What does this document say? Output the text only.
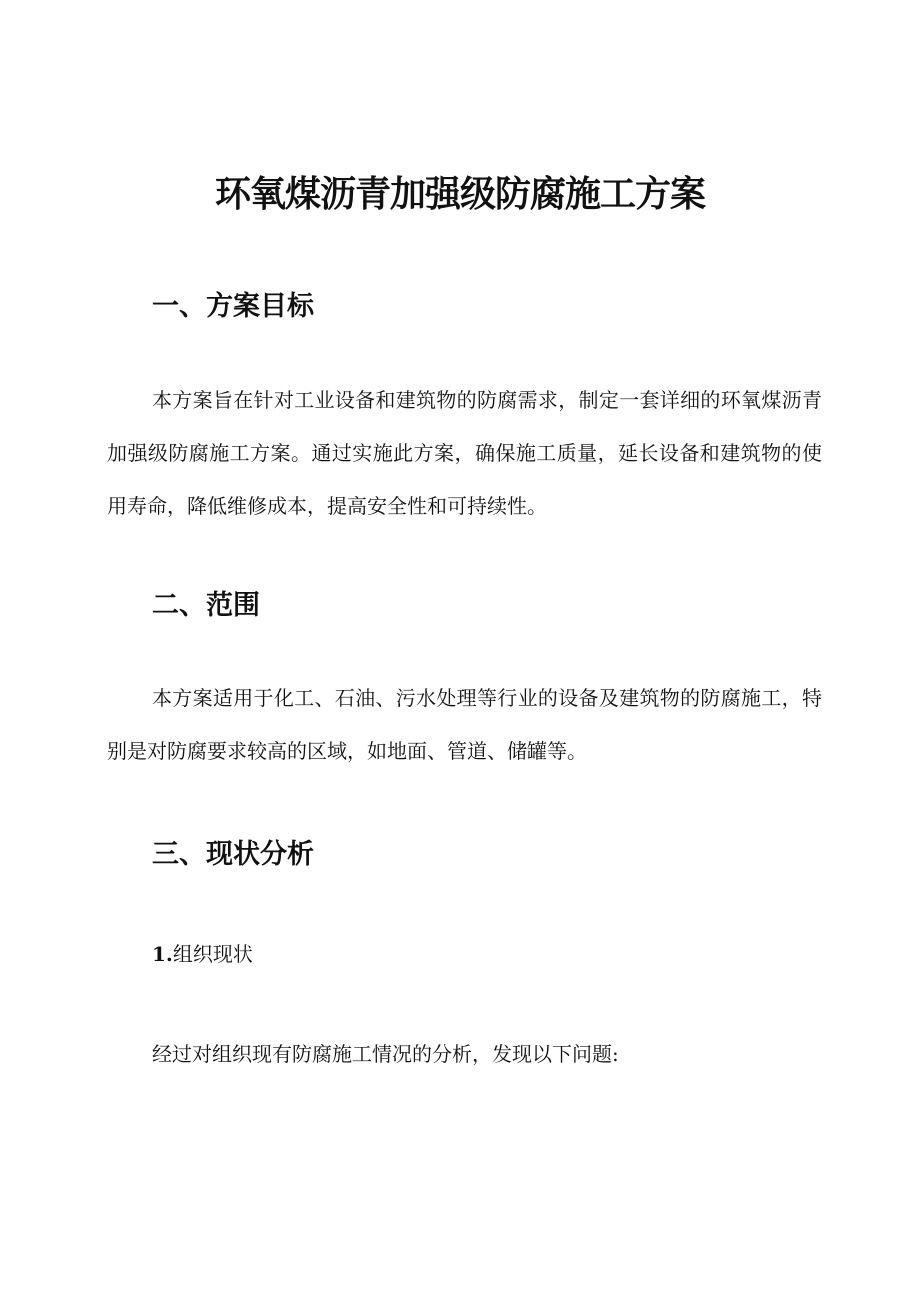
环氧煤沥青加强级防腐施工方案
一、方案目标

本方案旨在针对工业设备和建筑物的防腐需求，制定一套详细的环氧煤沥青加强级防腐施工方案。通过实施此方案，确保施工质量，延长设备和建筑物的使用寿命，降低维修成本，提高安全性和可持续性。

二、范围

本方案适用于化工、石油、污水处理等行业的设备及建筑物的防腐施工，特别是对防腐要求较高的区域，如地面、管道、储罐等。

三、现状分析
1.组织现状

经过对组织现有防腐施工情况的分析，发现以下问题:
